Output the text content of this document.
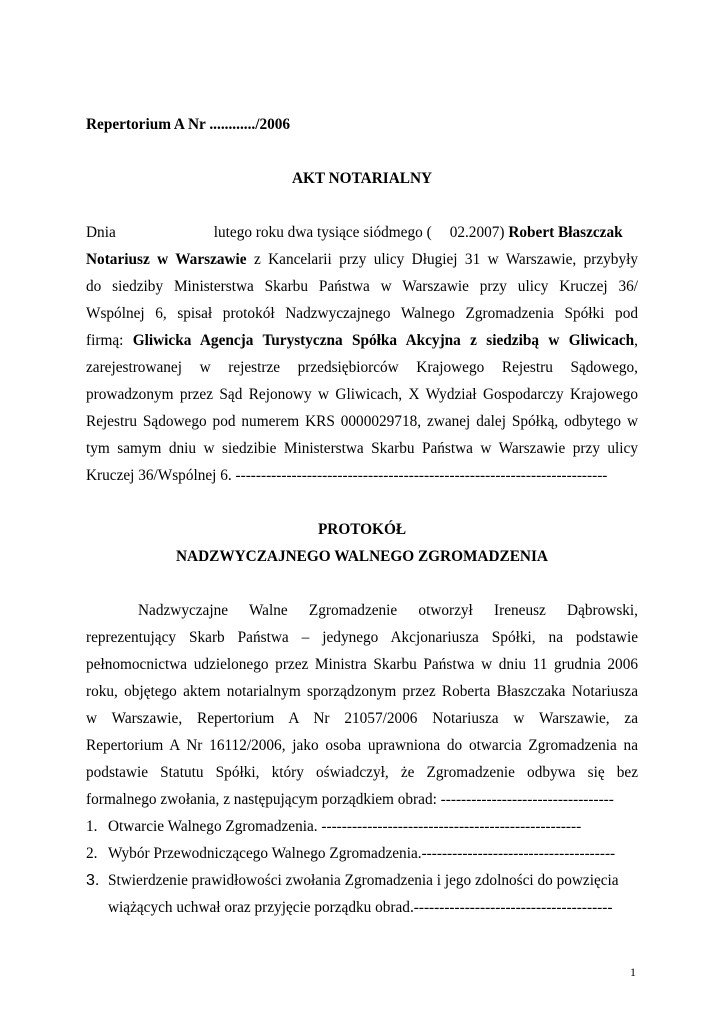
Repertorium A Nr ............/2006
AKT NOTARIALNY
Dnia	lutego roku dwa tysiące siódmego ( 02.2007) Robert Błaszczak
Notariusz w Warszawie z Kancelarii przy ulicy Długiej 31 w Warszawie, przybyły
do siedziby Ministerstwa Skarbu Państwa w Warszawie przy ulicy Kruczej 36/
Wspólnej 6, spisał protokół Nadzwyczajnego Walnego Zgromadzenia Spółki pod
firmą: Gliwicka Agencja Turystyczna Spółka Akcyjna z siedzibą w Gliwicach,
zarejestrowanej w rejestrze przedsiębiorców Krajowego Rejestru Sądowego,
prowadzonym przez Sąd Rejonowy w Gliwicach, X Wydział Gospodarczy Krajowego
Rejestru Sądowego pod numerem KRS 0000029718, zwanej dalej Spółką, odbytego w
tym samym dniu w siedzibie Ministerstwa Skarbu Państwa w Warszawie przy ulicy
Kruczej 36/Wspólnej 6. -------------------------------------------------------------------------
PROTOKÓŁ
NADZWYCZAJNEGO WALNEGO ZGROMADZENIA
Nadzwyczajne Walne Zgromadzenie otworzył Ireneusz Dąbrowski,
reprezentujący Skarb Państwa – jedynego Akcjonariusza Spółki, na podstawie
pełnomocnictwa udzielonego przez Ministra Skarbu Państwa w dniu 11 grudnia 2006
roku, objętego aktem notarialnym sporządzonym przez Roberta Błaszczaka Notariusza
w Warszawie, Repertorium A Nr 21057/2006 Notariusza w Warszawie, za
Repertorium A Nr 16112/2006, jako osoba uprawniona do otwarcia Zgromadzenia na
podstawie Statutu Spółki, który oświadczył, że Zgromadzenie odbywa się bez
formalnego zwołania, z następującym porządkiem obrad: ----------------------------------
1. Otwarcie Walnego Zgromadzenia. ---------------------------------------------------
2. Wybór Przewodniczącego Walnego Zgromadzenia.--------------------------------------
3. Stwierdzenie prawidłowości zwołania Zgromadzenia i jego zdolności do powzięcia
wiążących uchwał oraz przyjęcie porządku obrad.---------------------------------------
1
